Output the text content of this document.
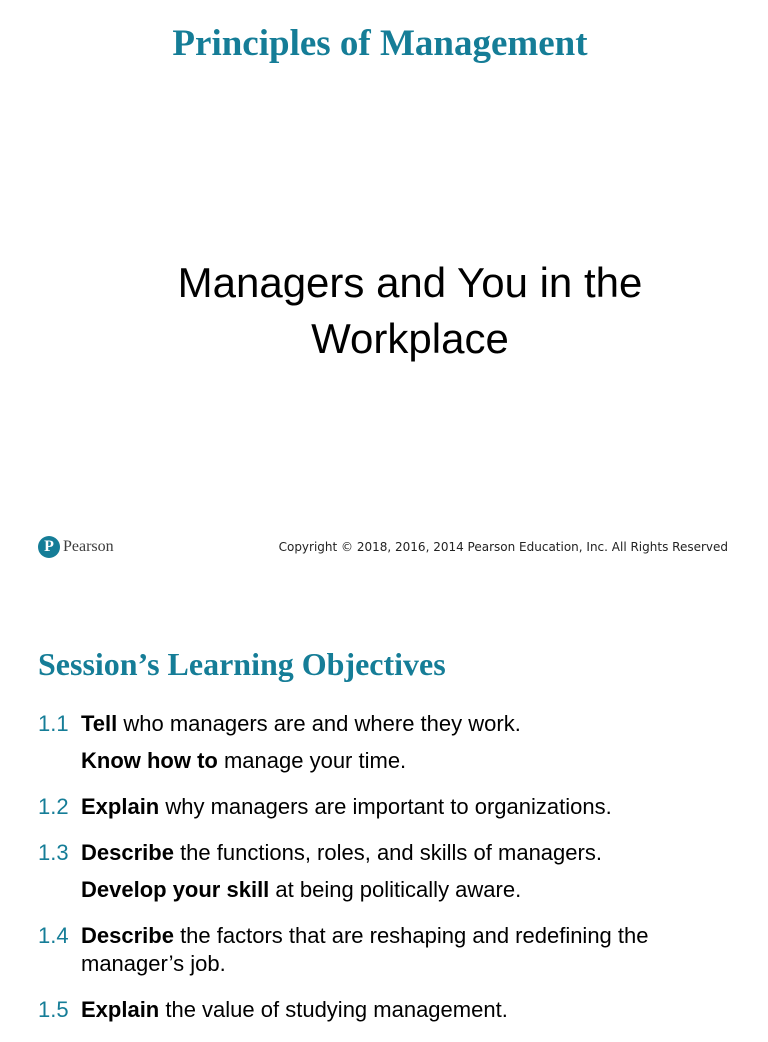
Principles of Management
Managers and You in the Workplace
P Pearson	Copyright © 2018, 2016, 2014 Pearson Education, Inc. All Rights Reserved
Session’s Learning Objectives
1.1 Tell who managers are and where they work.
Know how to manage your time.
1.2 Explain why managers are important to organizations.
1.3 Describe the functions, roles, and skills of managers.
Develop your skill at being politically aware.
1.4 Describe the factors that are reshaping and redefining the manager’s job.
1.5 Explain the value of studying management.
